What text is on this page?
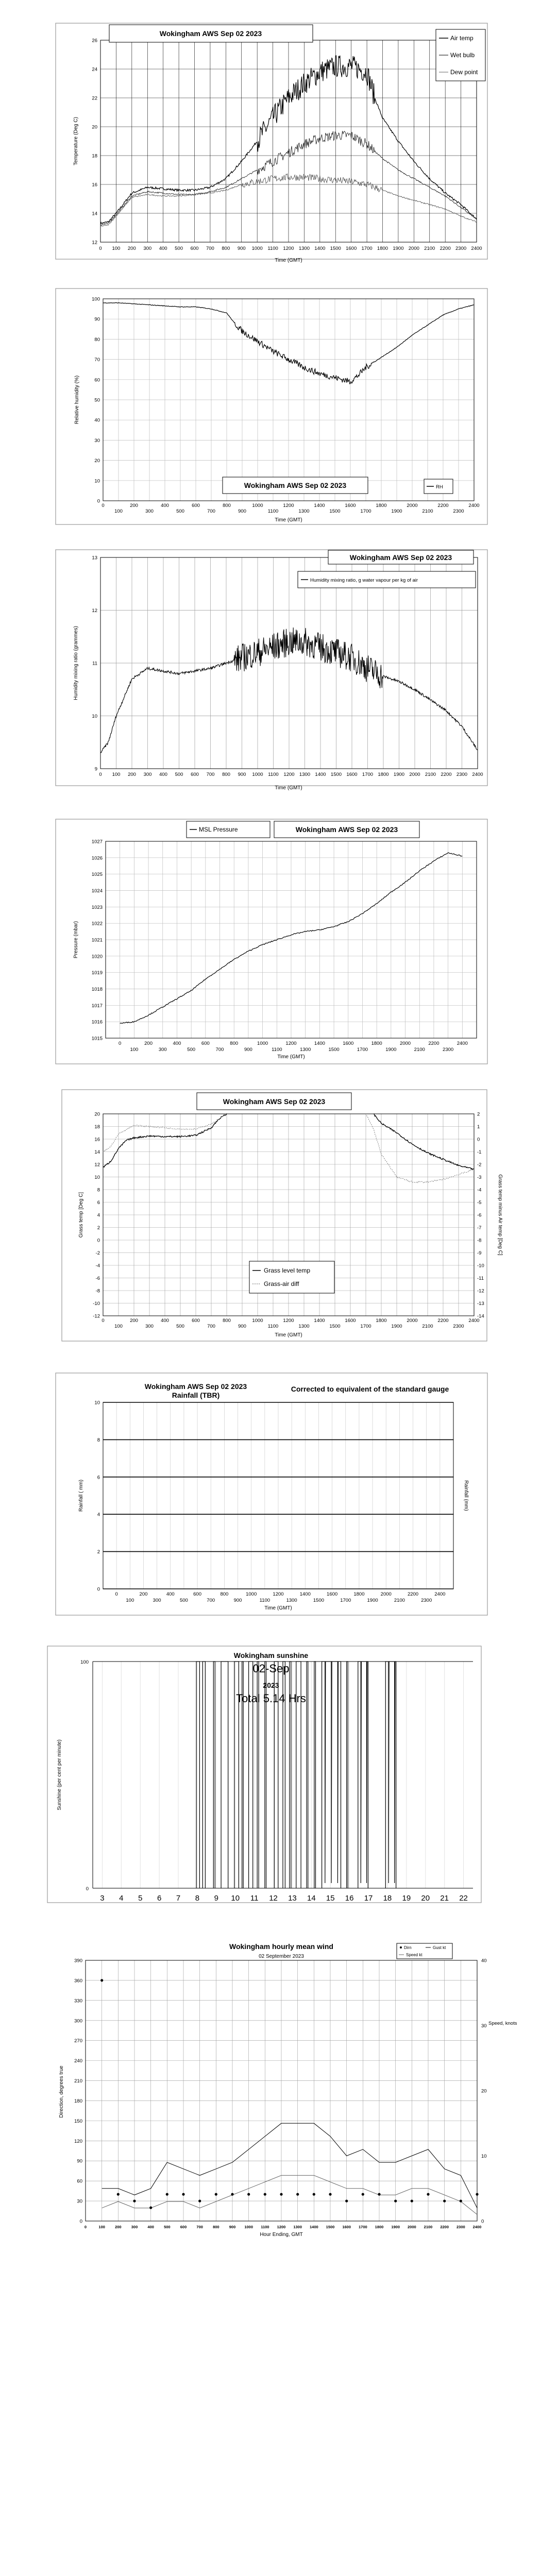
12
14
16
18
20
22
24
26
0 100 200 300 400 500 600 700 800 900 1000 1100 1200 1300 1400 1500 1600 1700 1800 1900 2000 2100 2200 2300 2400
Wokingham AWS Sep 02 2023
Air temp
Wet bulb
Dew point
Temperature (Deg C)
Time (GMT)
0
10
20
30
40
50
60
70
80
90
100
0	200	400	600	800	1000	1200	1400	1600	1800	2000	2200	2400
100	300	500	700	900	1100	1300	1500	1700	1900	2100	2300
Wokingham AWS Sep 02 2023	RH
Relative humidity (%)
Time (GMT)
9
10
11
12
13
0 100 200 300 400 500 600 700 800 900 1000 1100 1200 1300 1400 1500 1600 1700 1800 1900 2000 2100 2200 2300 2400
Wokingham AWS Sep 02 2023
Humidity mixing ratio, g water vapour per kg of air
Humidity mixing ratio (grammes)
Time (GMT)
1015
1016
1017
1018
1019
1020
1021
1022
1023
1024
1025
1026
1027
0	200	400	600	800	1000	1200	1400	1600	1800	2000	2200	2400
100	300	500	700	900	1100	1300	1500	1700	1900	2100	2300
MSL Pressure	Wokingham AWS Sep 02 2023
Pressure (mbar)
Time (GMT)
-12
-10
-8
-6
-4
-2
0
2
4
6
8
10
12
14
16
18
20
-14
-13
-12
-11
-10
-9
-8
-7
-6
-5
-4
-3
-2
-1
0
1
2
0	200	400	600	800	1000	1200	1400	1600	1800	2000	2200	2400
100	300	500	700	900	1100	1300	1500	1700	1900	2100	2300
Wokingham AWS Sep 02 2023
Grass level temp
Grass-air diff
Grass temp [Deg C]	Grass temp minus Air temp [Deg C]
Time (GMT)
0
2
4
6
8
10
0	200	400	600	800	1000	1200	1400	1600	1800	2000	2200	2400
100	300	500	700	900	1100	1300	1500	1700	1900	2100	2300
Wokingham AWS Sep 02 2023
Rainfall (TBR)
Corrected to equivalent of the standard gauge
Rainfall ( mm)	Rainfall (mm)
Time (GMT)
100
0
3 4 5 6 7 8 9 10 11 12 13 14 15 16 17 18 19 20 21 22
Wokingham sunshine
02-Sep
2023
Total 5.14 Hrs
Sunshine (per cent per minute)
0
30
60
90
120
150
180
210
240
270
300
330
360
390
0
10
20
30
40
0	100	200	300	400	500	600	700	800	900 1000 1100 1200 1300 1400 1500 1600 1700 1800 1900 2000 2100 2200 2300 2400
Wokingham hourly mean wind
02 September 2023
Dirn	Gust kt
Speed kt
Direction, degrees true
Speed, knots
Hour Ending, GMT
